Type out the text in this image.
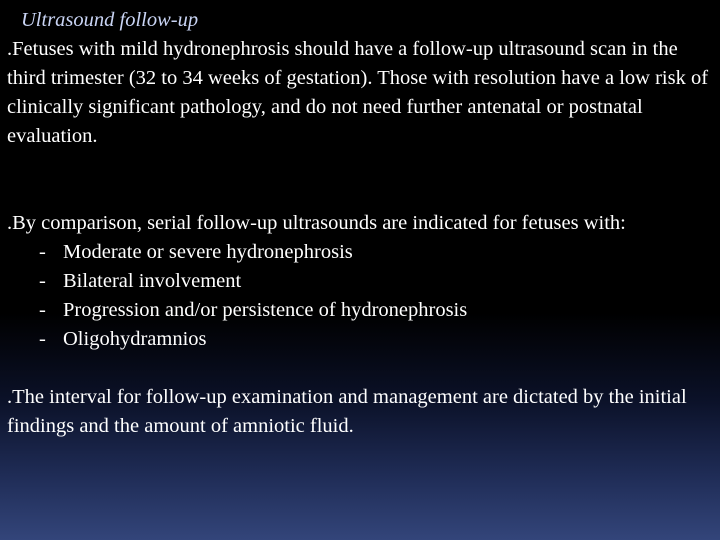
Ultrasound follow-up

.Fetuses with mild hydronephrosis should have a follow-up ultrasound scan in the third trimester (32 to 34 weeks of gestation). Those with resolution have a low risk of clinically significant pathology, and do not need further antenatal or postnatal evaluation.

.By comparison, serial follow-up ultrasounds are indicated for fetuses with:

- Moderate or severe hydronephrosis
- Bilateral involvement
- Progression and/or persistence of hydronephrosis
- Oligohydramnios

.The interval for follow-up examination and management are dictated by the initial findings and the amount of amniotic fluid.
